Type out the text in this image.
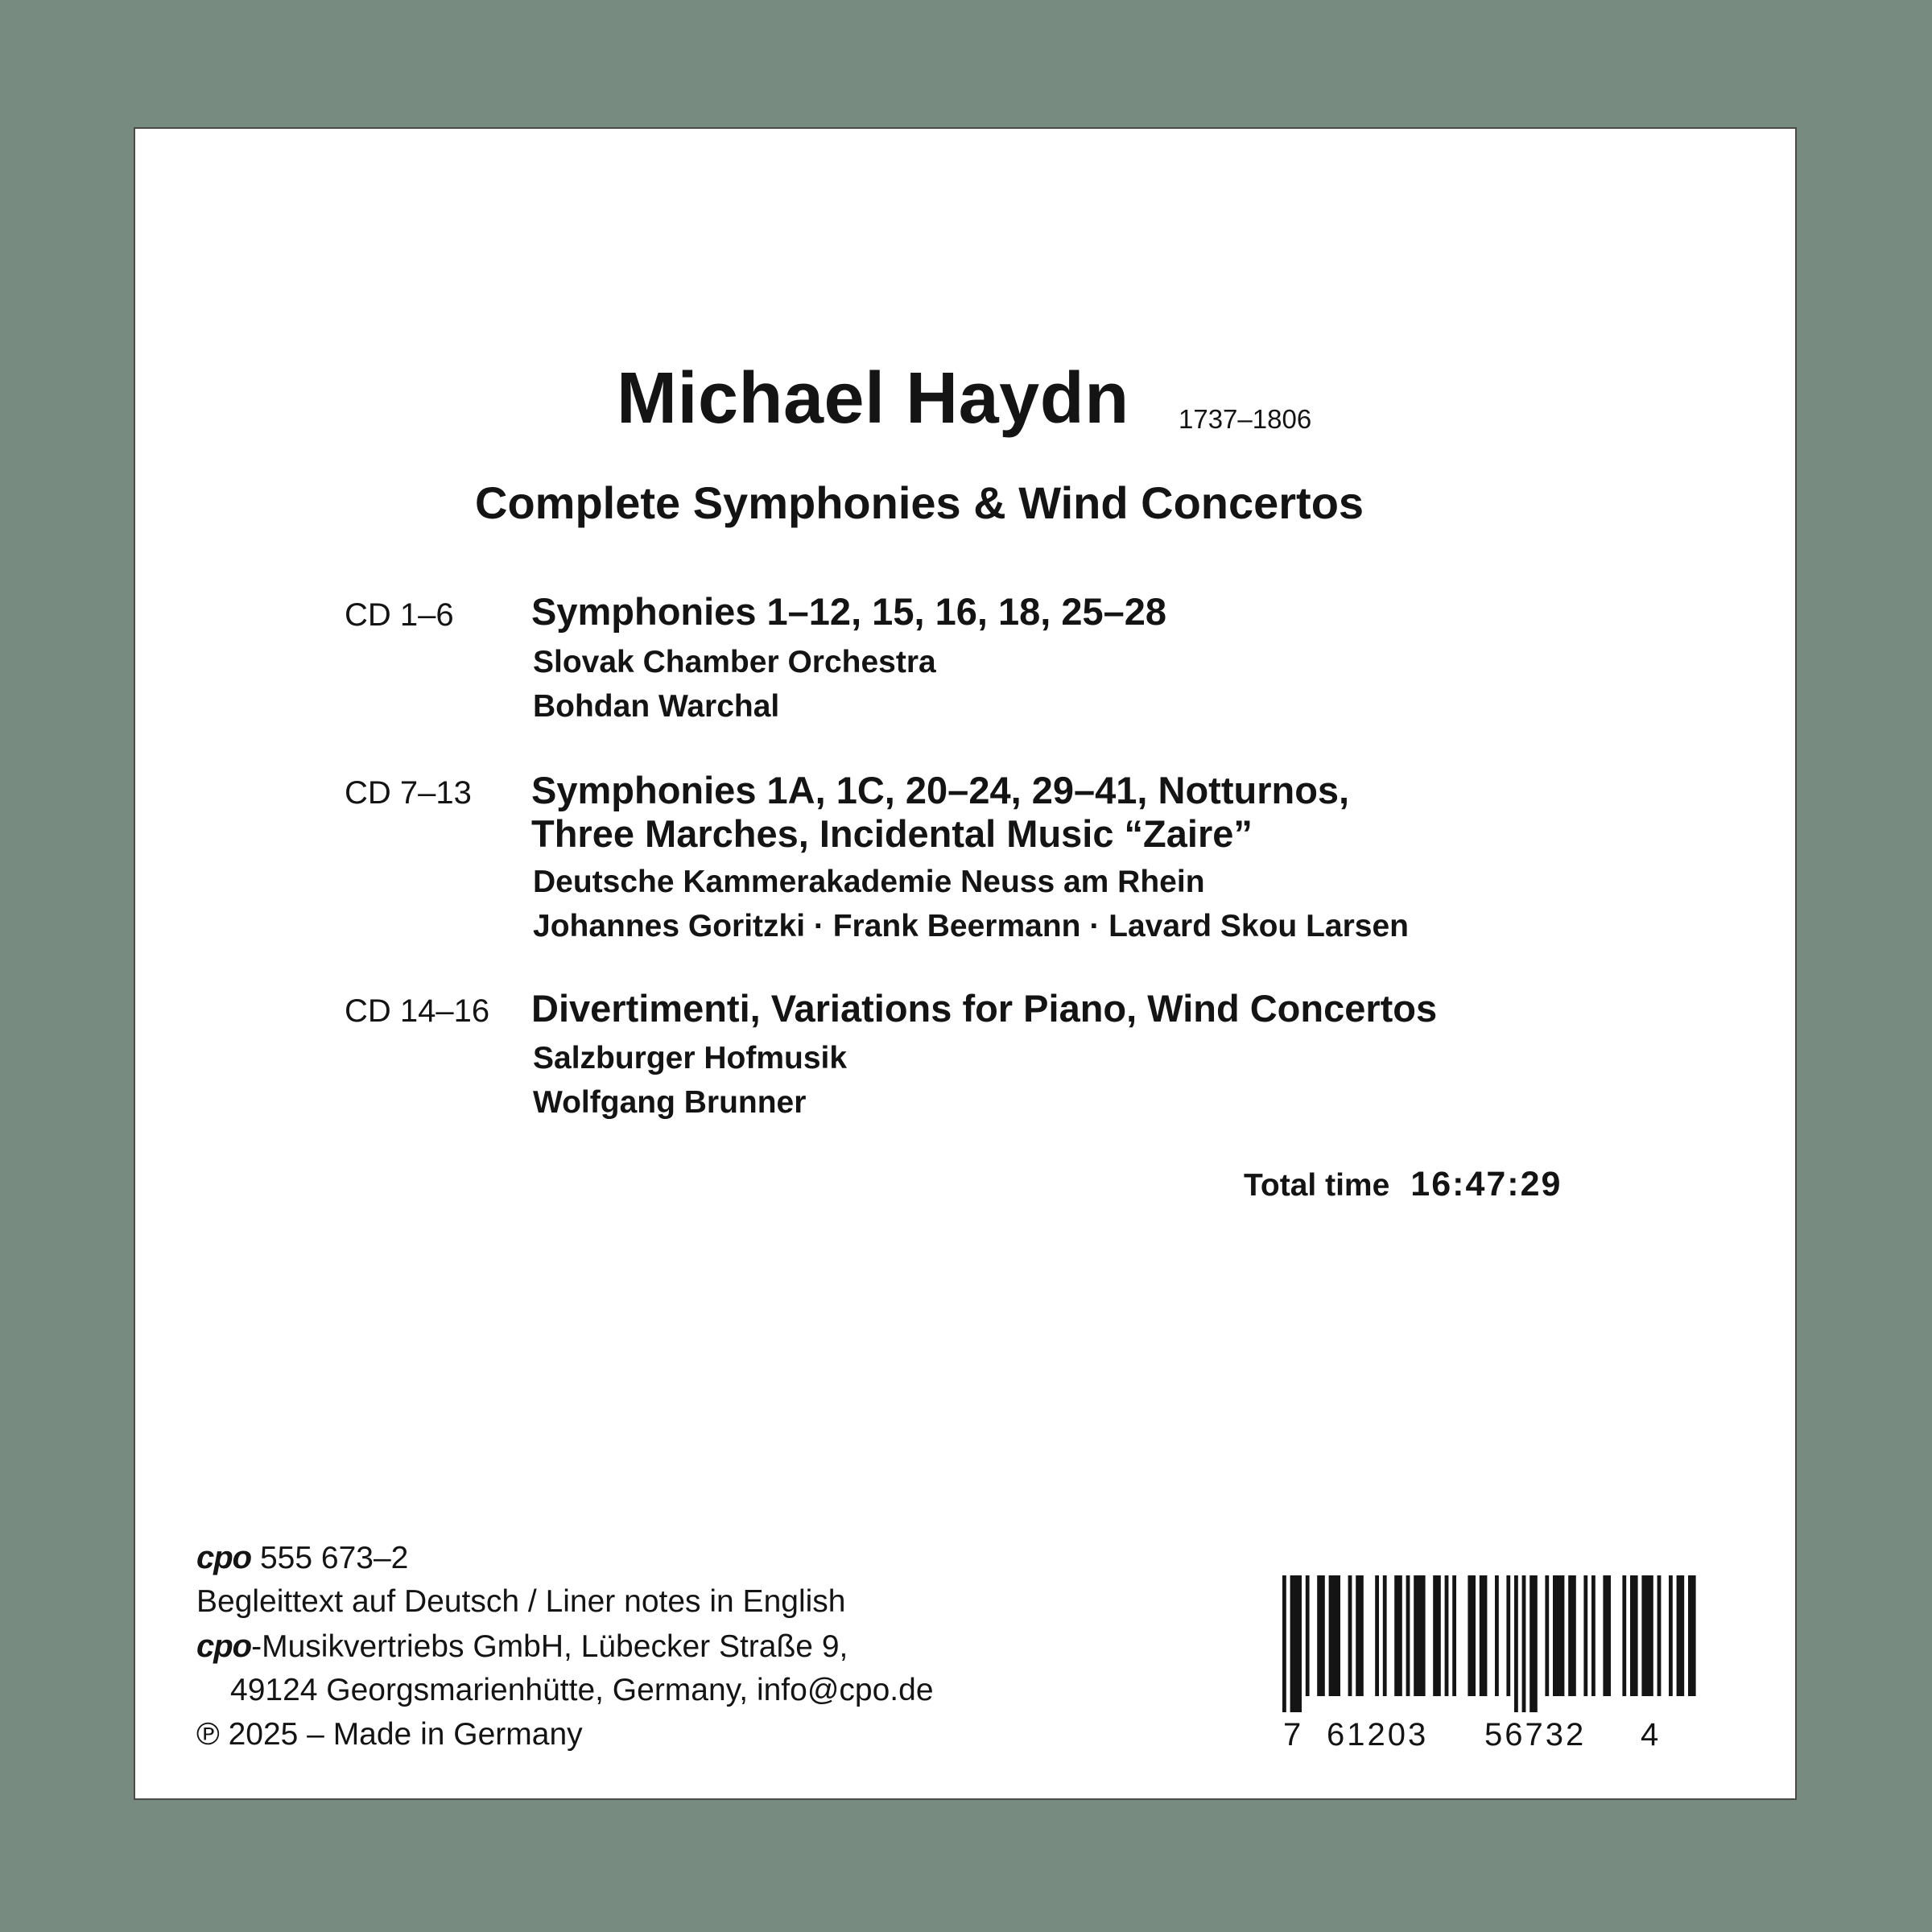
Michael Haydn 1737–1806
Complete Symphonies & Wind Concertos
CD 1–6 Symphonies 1–12, 15, 16, 18, 25–28
Slovak Chamber Orchestra
Bohdan Warchal
CD 7–13 Symphonies 1A, 1C, 20–24, 29–41, Notturnos,
Three Marches, Incidental Music “Zaire”
Deutsche Kammerakademie Neuss am Rhein
Johannes Goritzki · Frank Beermann · Lavard Skou Larsen
CD 14–16 Divertimenti, Variations for Piano, Wind Concertos
Salzburger Hofmusik
Wolfgang Brunner
Total time 16:47:29
cpo 555 673–2
Begleittext auf Deutsch / Liner notes in English
cpo-Musikvertriebs GmbH, Lübecker Straße 9,
49124 Georgsmarienhütte, Germany, info@cpo.de
℗ 2025 – Made in Germany	7 61203 56732 4
